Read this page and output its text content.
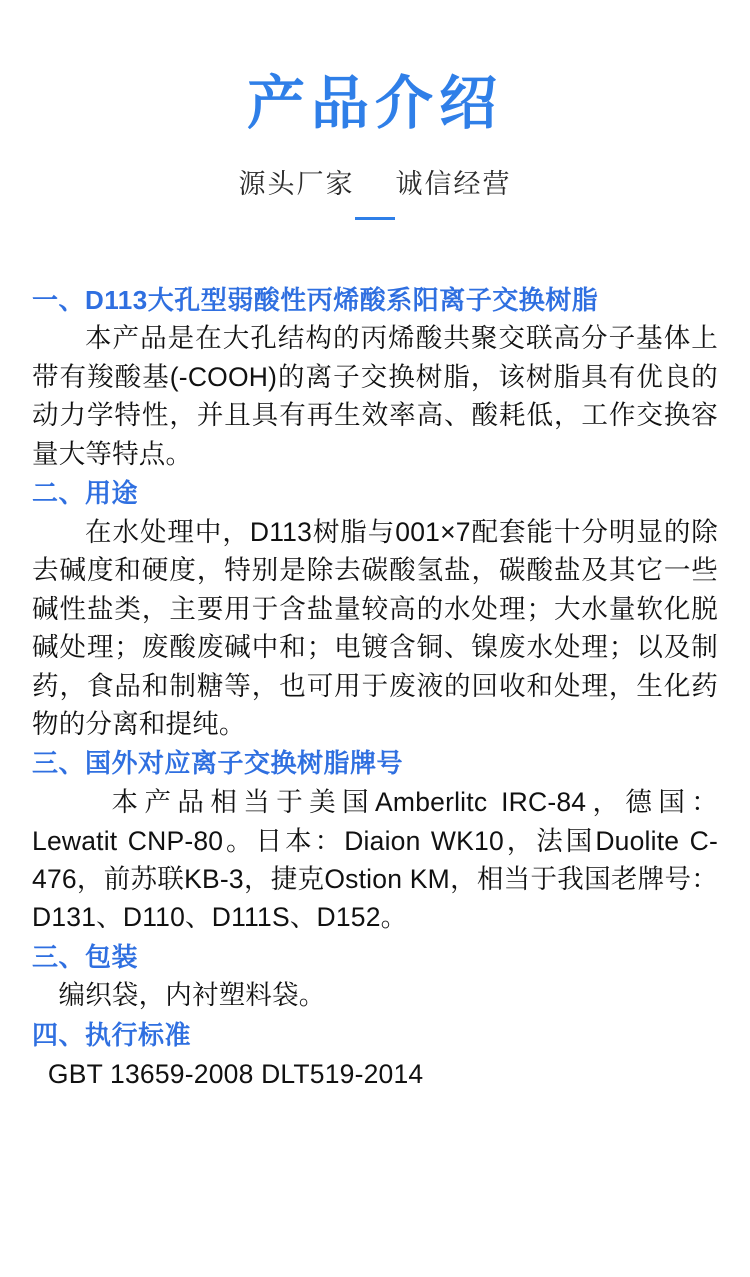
产品介绍
源头厂家 诚信经营
一、D113大孔型弱酸性丙烯酸系阳离子交换树脂
本产品是在大孔结构的丙烯酸共聚交联高分子基体上带有羧酸基(-COOH)的离子交换树脂，该树脂具有优良的动力学特性，并且具有再生效率高、酸耗低，工作交换容量大等特点。
二、用途
在水处理中，D113树脂与001×7配套能十分明显的除去碱度和硬度，特别是除去碳酸氢盐，碳酸盐及其它一些碱性盐类，主要用于含盐量较高的水处理；大水量软化脱碱处理；废酸废碱中和；电镀含铜、镍废水处理；以及制药，食品和制糖等，也可用于废液的回收和处理，生化药物的分离和提纯。
三、国外对应离子交换树脂牌号
本产品相当于美国Amberlitc IRC-84，德国：Lewatit CNP-80。日本：Diaion WK10，法国Duolite C-476，前苏联KB-3，捷克Ostion KM，相当于我国老牌号：D131、D110、D111S、D152。
三、包装
编织袋，内衬塑料袋。
四、执行标准
GBT 13659-2008 DLT519-2014
